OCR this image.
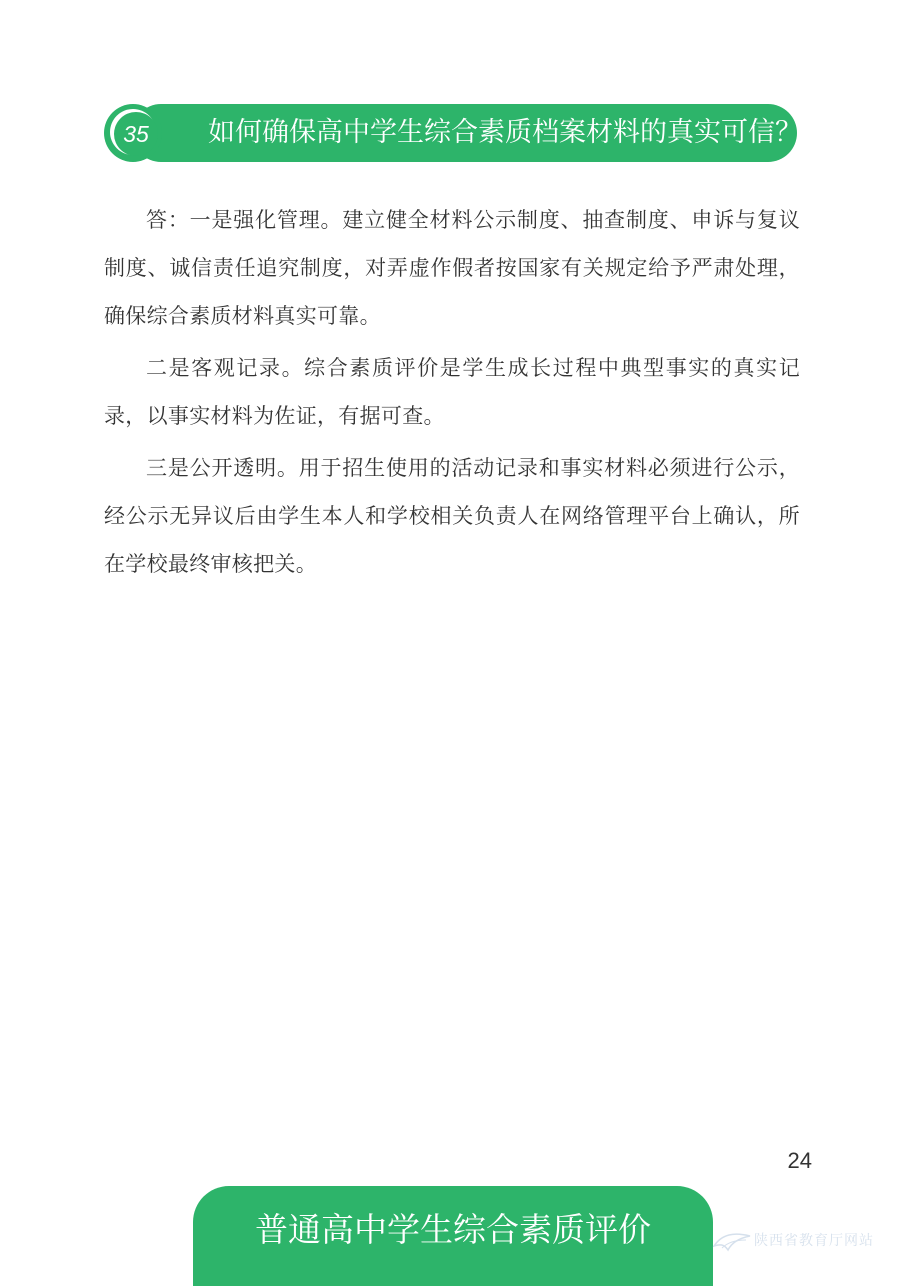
如何确保高中学生综合素质档案材料的真实可信？
35

答：一是强化管理。建立健全材料公示制度、抽查制度、申诉与复议制度、诚信责任追究制度，对弄虚作假者按国家有关规定给予严肃处理，确保综合素质材料真实可靠。

二是客观记录。综合素质评价是学生成长过程中典型事实的真实记录，以事实材料为佐证，有据可查。

三是公开透明。用于招生使用的活动记录和事实材料必须进行公示，经公示无异议后由学生本人和学校相关负责人在网络管理平台上确认，所在学校最终审核把关。

24
普通高中学生综合素质评价	陕西省教育厅网站
